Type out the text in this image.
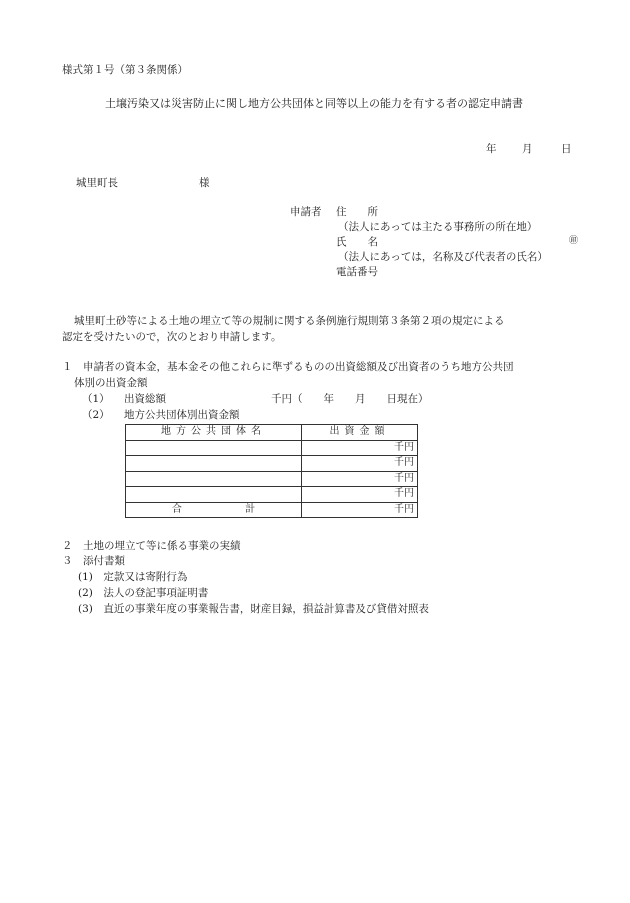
様式第１号（第３条関係）
土壌汚染又は災害防止に関し地方公共団体と同等以上の能力を有する者の認定申請書
年 月	日
城里町長	様
申請者 住　　所
（法人にあっては主たる事務所の所在地）
氏　　名	㊞
（法人にあっては，名称及び代表者の氏名）
電話番号
城里町土砂等による土地の埋立て等の規制に関する条例施行規則第３条第２項の規定による
認定を受けたいので，次のとおり申請します。
１　申請者の資本金，基本金その他これらに準ずるものの出資総額及び出資者のうち地方公共団
体別の出資金額
（1） 出資総額	千円（　　年　　月　　日現在）
（2） 地方公共団体別出資金額
地方公共団体名	出資金額
	千円
	千円
	千円
	千円
合 計	千円
２　土地の埋立て等に係る事業の実績
３　添付書類
(1)　定款又は寄附行為
(2)　法人の登記事項証明書
(3)　直近の事業年度の事業報告書，財産目録，損益計算書及び貸借対照表
